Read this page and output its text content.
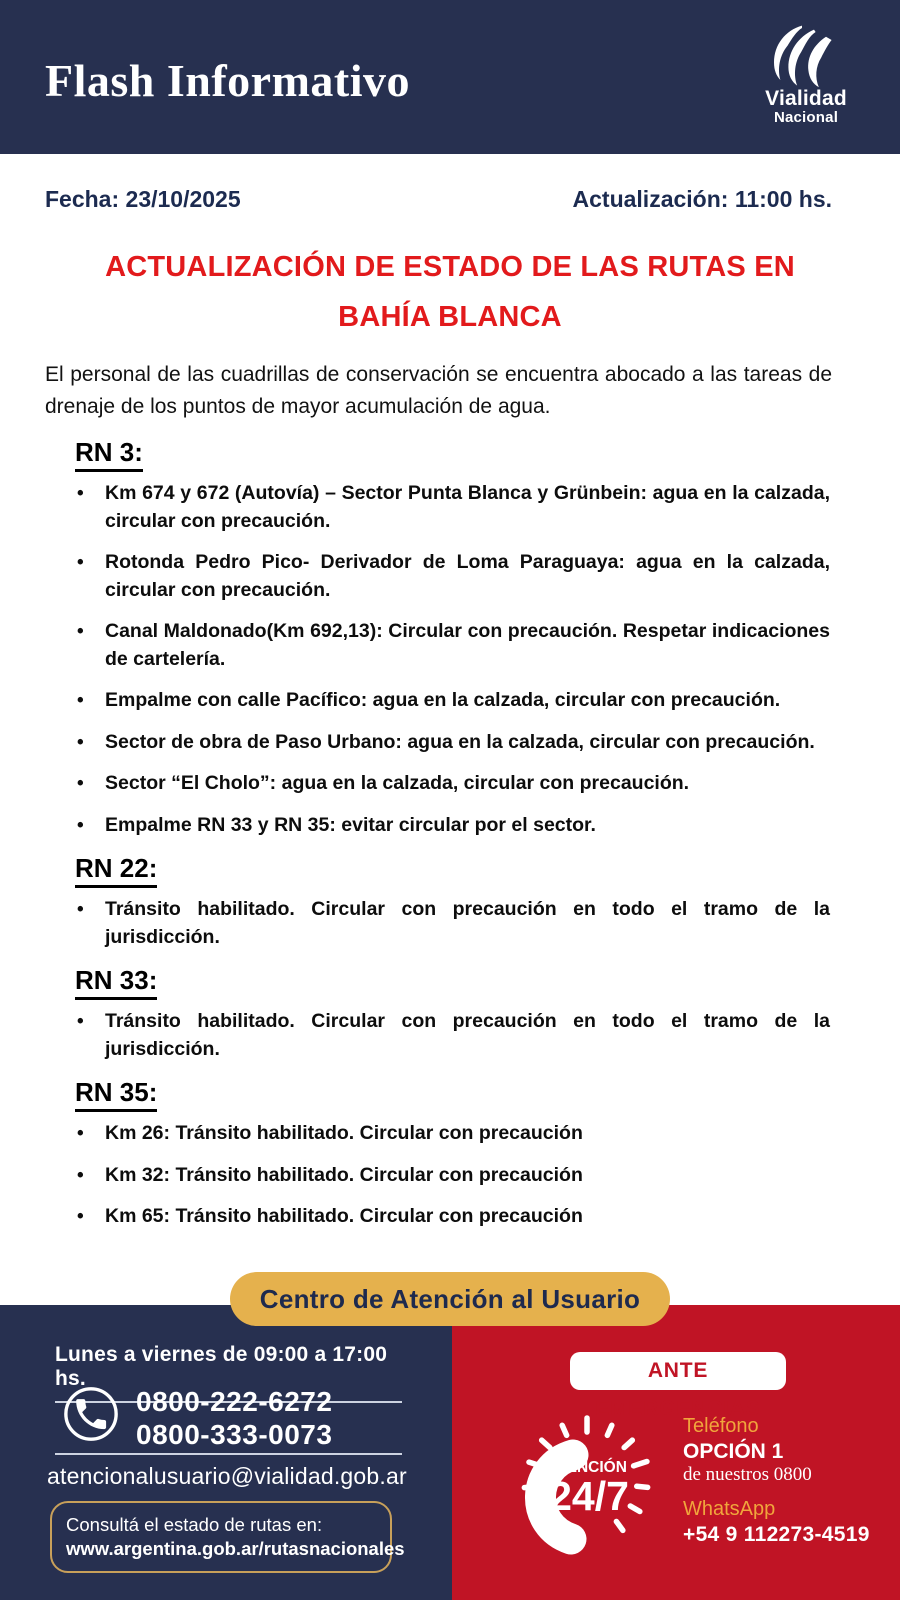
Flash Informativo	Vialidad
Nacional
Fecha: 23/10/2025	Actualización: 11:00 hs.
ACTUALIZACIÓN DE ESTADO DE LAS RUTAS EN
BAHÍA BLANCA

El personal de las cuadrillas de conservación se encuentra abocado a las tareas de drenaje de los puntos de mayor acumulación de agua.

RN 3:
• Km 674 y 672 (Autovía) – Sector Punta Blanca y Grünbein: agua en la calzada, circular con precaución.
• Rotonda Pedro Pico- Derivador de Loma Paraguaya: agua en la calzada, circular con precaución.
• Canal Maldonado(Km 692,13): Circular con precaución. Respetar indicaciones de cartelería.
• Empalme con calle Pacífico: agua en la calzada, circular con precaución.
• Sector de obra de Paso Urbano: agua en la calzada, circular con precaución.
• Sector “El Cholo”: agua en la calzada, circular con precaución.
• Empalme RN 33 y RN 35: evitar circular por el sector.
RN 22:
• Tránsito habilitado. Circular con precaución en todo el tramo de la jurisdicción.
RN 33:
• Tránsito habilitado. Circular con precaución en todo el tramo de la jurisdicción.
RN 35:
• Km 26: Tránsito habilitado. Circular con precaución
• Km 32: Tránsito habilitado. Circular con precaución
• Km 65: Tránsito habilitado. Circular con precaución
Centro de Atención al Usuario
Lunes a viernes de 09:00 a 17:00 hs.
0800-222-6272
0800-333-0073
atencionalusuario@vialidad.gob.ar
Consultá el estado de rutas en:
www.argentina.gob.ar/rutasnacionales
ANTE EMERGENCIAS
ATENCIÓN
24/7
Teléfono
OPCIÓN 1
de nuestros 0800
WhatsApp
+54 9 112273-4519
